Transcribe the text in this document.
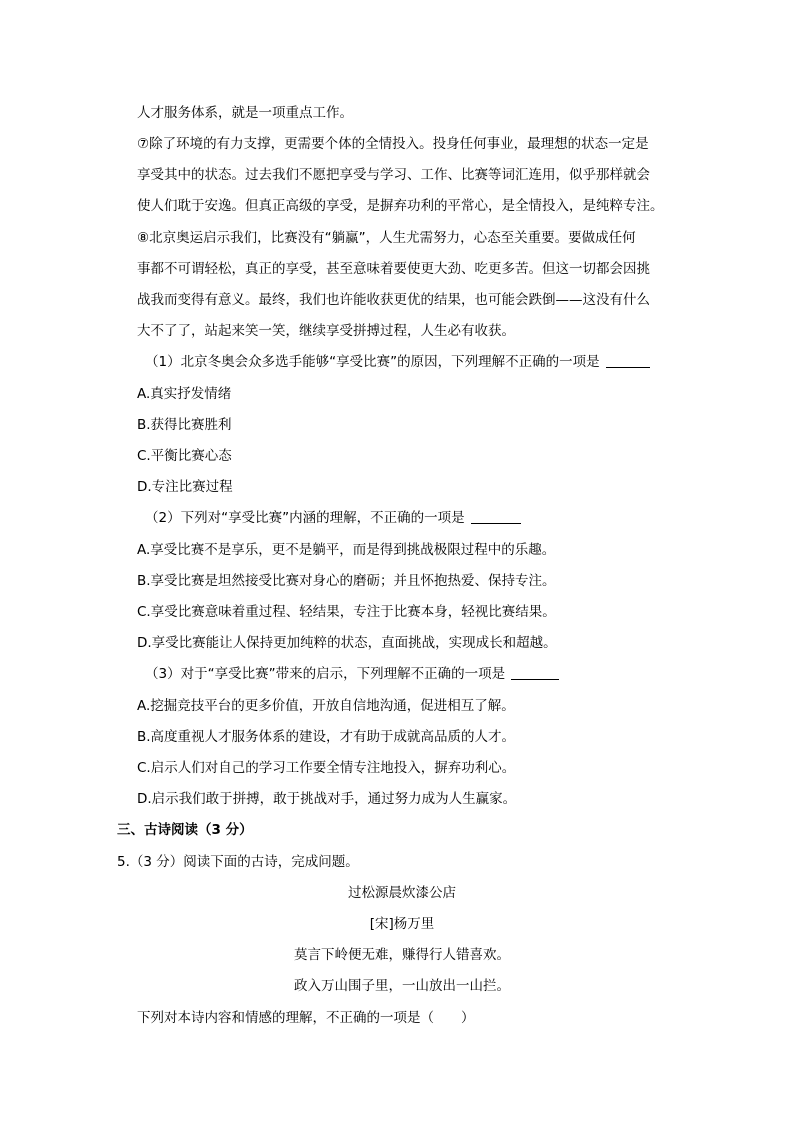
人才服务体系，就是一项重点工作。
⑦除了环境的有力支撑，更需要个体的全情投入。投身任何事业，最理想的状态一定是
享受其中的状态。过去我们不愿把享受与学习、工作、比赛等词汇连用，似乎那样就会
使人们耽于安逸。但真正高级的享受，是摒弃功利的平常心，是全情投入，是纯粹专注。
⑧北京奥运启示我们，比赛没有“躺赢”，人生尤需努力，心态至关重要。要做成任何
事都不可谓轻松，真正的享受，甚至意味着要使更大劲、吃更多苦。但这一切都会因挑
战我而变得有意义。最终，我们也许能收获更优的结果，也可能会跌倒——这没有什么
大不了了，站起来笑一笑，继续享受拼搏过程，人生必有收获。
（1）北京冬奥会众多选手能够“享受比赛”的原因，下列理解不正确的一项是
A.真实抒发情绪
B.获得比赛胜利
C.平衡比赛心态
D.专注比赛过程
（2）下列对“享受比赛”内涵的理解，不正确的一项是
A.享受比赛不是享乐，更不是躺平，而是得到挑战极限过程中的乐趣。
B.享受比赛是坦然接受比赛对身心的磨砺；并且怀抱热爱、保持专注。
C.享受比赛意味着重过程、轻结果，专注于比赛本身，轻视比赛结果。
D.享受比赛能让人保持更加纯粹的状态，直面挑战，实现成长和超越。
（3）对于“享受比赛”带来的启示，下列理解不正确的一项是
A.挖掘竞技平台的更多价值，开放自信地沟通，促进相互了解。
B.高度重视人才服务体系的建设，才有助于成就高品质的人才。
C.启示人们对自己的学习工作要全情专注地投入，摒弃功利心。
D.启示我们敢于拼搏，敢于挑战对手，通过努力成为人生赢家。
三、古诗阅读（3 分）
5.（3 分）阅读下面的古诗，完成问题。
过松源晨炊漆公店
[宋]杨万里
莫言下岭便无难，赚得行人错喜欢。
政入万山围子里，一山放出一山拦。
下列对本诗内容和情感的理解，不正确的一项是（　　）
